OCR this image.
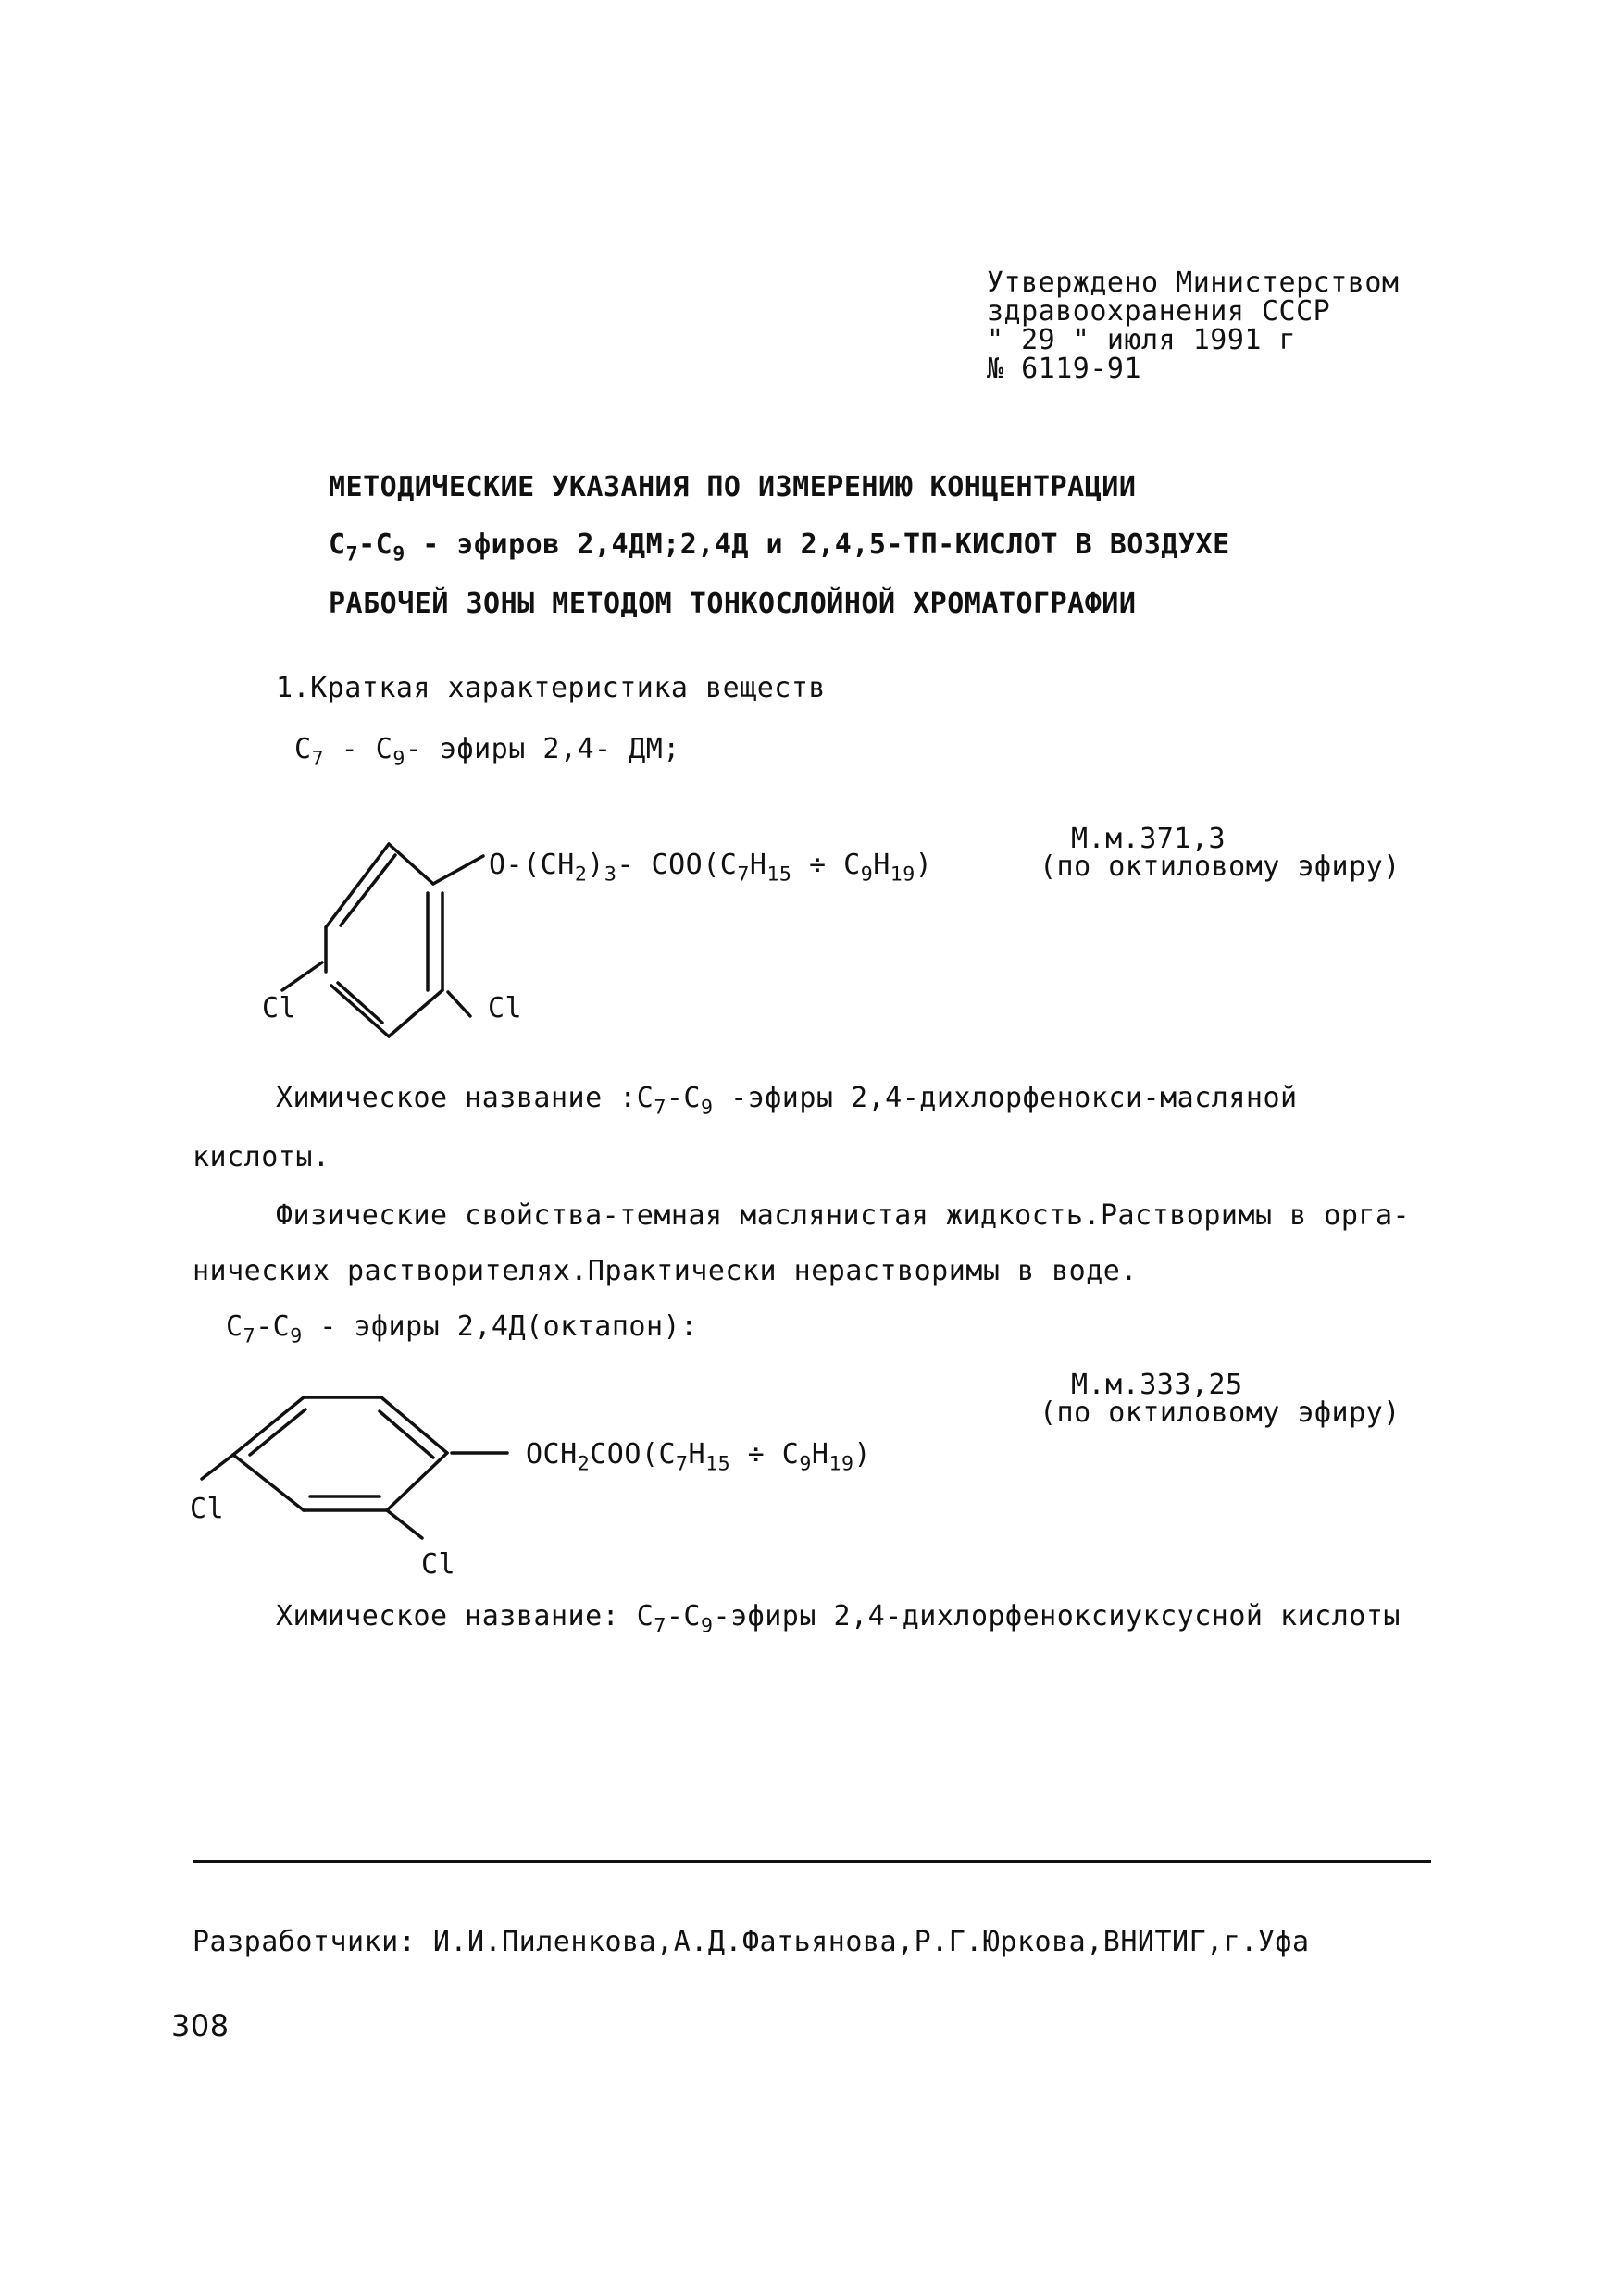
Утверждено Министерством
здравоохранения СССР
" 29 " июля 1991 г
№ 6119-91
МЕТОДИЧЕСКИЕ УКАЗАНИЯ ПО ИЗМЕРЕНИЮ КОНЦЕНТРАЦИИ
$C_7-C_9$ - эфиров 2,4ДМ;2,4Д и 2,4,5-ТП-КИСЛОТ В ВОЗДУХЕ
РАБОЧЕЙ ЗОНЫ МЕТОДОМ ТОНКОСЛОЙНОЙ ХРОМАТОГРАФИИ
1.Краткая характеристика веществ
$C_7 - C_9-$ эфиры 2,4- ДМ;
$O-(CH_2)_3-$ $COO(C_7H_{15} \div C_9H_{19})$
Cl	Cl
М.м.371,3
(по октиловому эфиру)
Химическое название $:C_7-C_9$ -эфиры 2,4-дихлорфенокси-масляной
кислоты.
Физические свойства-темная маслянистая жидкость.Растворимы в орга-
нических растворителях.Практически нерастворимы в воде.
$C_7-C_9$ - эфиры 2,4Д(октапон):
$OCH_2COO(C_7H_{15} \div C_9H_{19})$
Cl
Cl
М.м.333,25
(по октиловому эфиру)
Химическое название: $C_7-C_9$-эфиры 2,4-дихлорфеноксиуксусной кислоты
Разработчики: И.И.Пиленкова,А.Д.Фатьянова,Р.Г.Юркова,ВНИТИГ,г.Уфа
308
